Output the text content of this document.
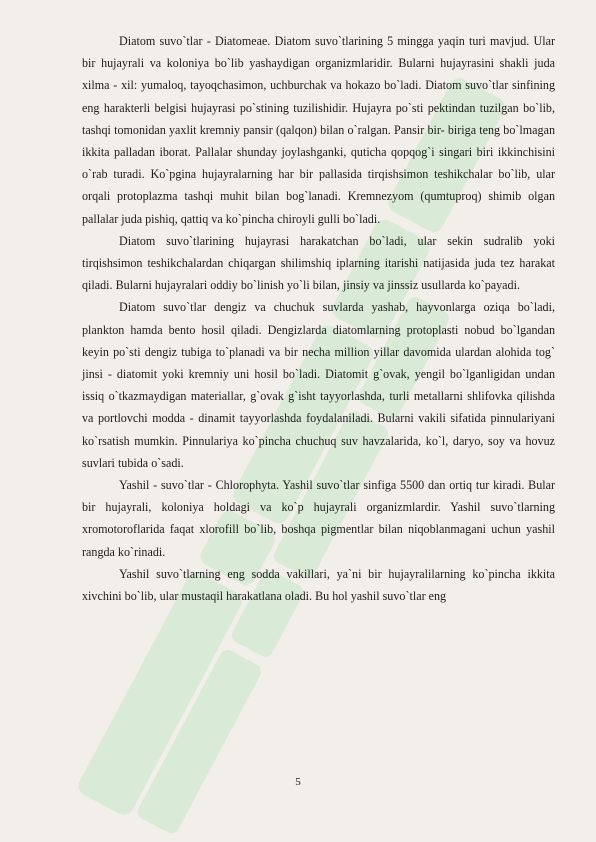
Diatom suvo`tlar - Diatomeae. Diatom suvo`tlarining 5 mingga yaqin turi mavjud. Ular bir hujayrali va koloniya bo`lib yashaydigan organizmlaridir. Bularni hujayrasini shakli juda xilma - xil: yumaloq, tayoqchasimon, uchburchak va hokazo bo`ladi. Diatom suvo`tlar sinfining eng harakterli belgisi hujayrasi po`stining tuzilishidir. Hujayra po`sti pektindan tuzilgan bo`lib, tashqi tomonidan yaxlit kremniy pansir (qalqon) bilan o`ralgan. Pansir bir- biriga teng bo`lmagan ikkita palladan iborat. Pallalar shunday joylashganki, quticha qopqog`i singari biri ikkinchisini o`rab turadi. Ko`pgina hujayralarning har bir pallasida tirqishsimon teshikchalar bo`lib, ular orqali protoplazma tashqi muhit bilan bog`lanadi. Kremnezyom (qumtuproq) shimib olgan pallalar juda pishiq, qattiq va ko`pincha chiroyli gulli bo`ladi.

Diatom suvo`tlarining hujayrasi harakatchan bo`ladi, ular sekin sudralib yoki tirqishsimon teshikchalardan chiqargan shilimshiq iplarning itarishi natijasida juda tez harakat qiladi. Bularni hujayralari oddiy bo`linish yo`li bilan, jinsiy va jinssiz usullarda ko`payadi.

Diatom suvo`tlar dengiz va chuchuk suvlarda yashab, hayvonlarga oziqa bo`ladi, plankton hamda bento hosil qiladi. Dengizlarda diatomlarning protoplasti nobud bo`lgandan keyin po`sti dengiz tubiga to`planadi va bir necha million yillar davomida ulardan alohida tog` jinsi - diatomit yoki kremniy uni hosil bo`ladi. Diatomit g`ovak, yengil bo`lganligidan undan issiq o`tkazmaydigan materiallar, g`ovak g`isht tayyorlashda, turli metallarni shlifovka qilishda va portlovchi modda - dinamit tayyorlashda foydalaniladi. Bularni vakili sifatida pinnulariyani ko`rsatish mumkin. Pinnulariya ko`pincha chuchuq suv havzalarida, ko`l, daryo, soy va hovuz suvlari tubida o`sadi.

Yashil - suvo`tlar - Chlorophyta. Yashil suvo`tlar sinfiga 5500 dan ortiq tur kiradi. Bular bir hujayrali, koloniya holdagi va ko`p hujayrali organizmlardir. Yashil suvo`tlarning xromotoroflarida faqat xlorofill bo`lib, boshqa pigmentlar bilan niqoblanmagani uchun yashil rangda ko`rinadi.

Yashil suvo`tlarning eng sodda vakillari, ya`ni bir hujayralilarning ko`pincha ikkita xivchini bo`lib, ular mustaqil harakatlana oladi. Bu hol yashil suvo`tlar eng

5
